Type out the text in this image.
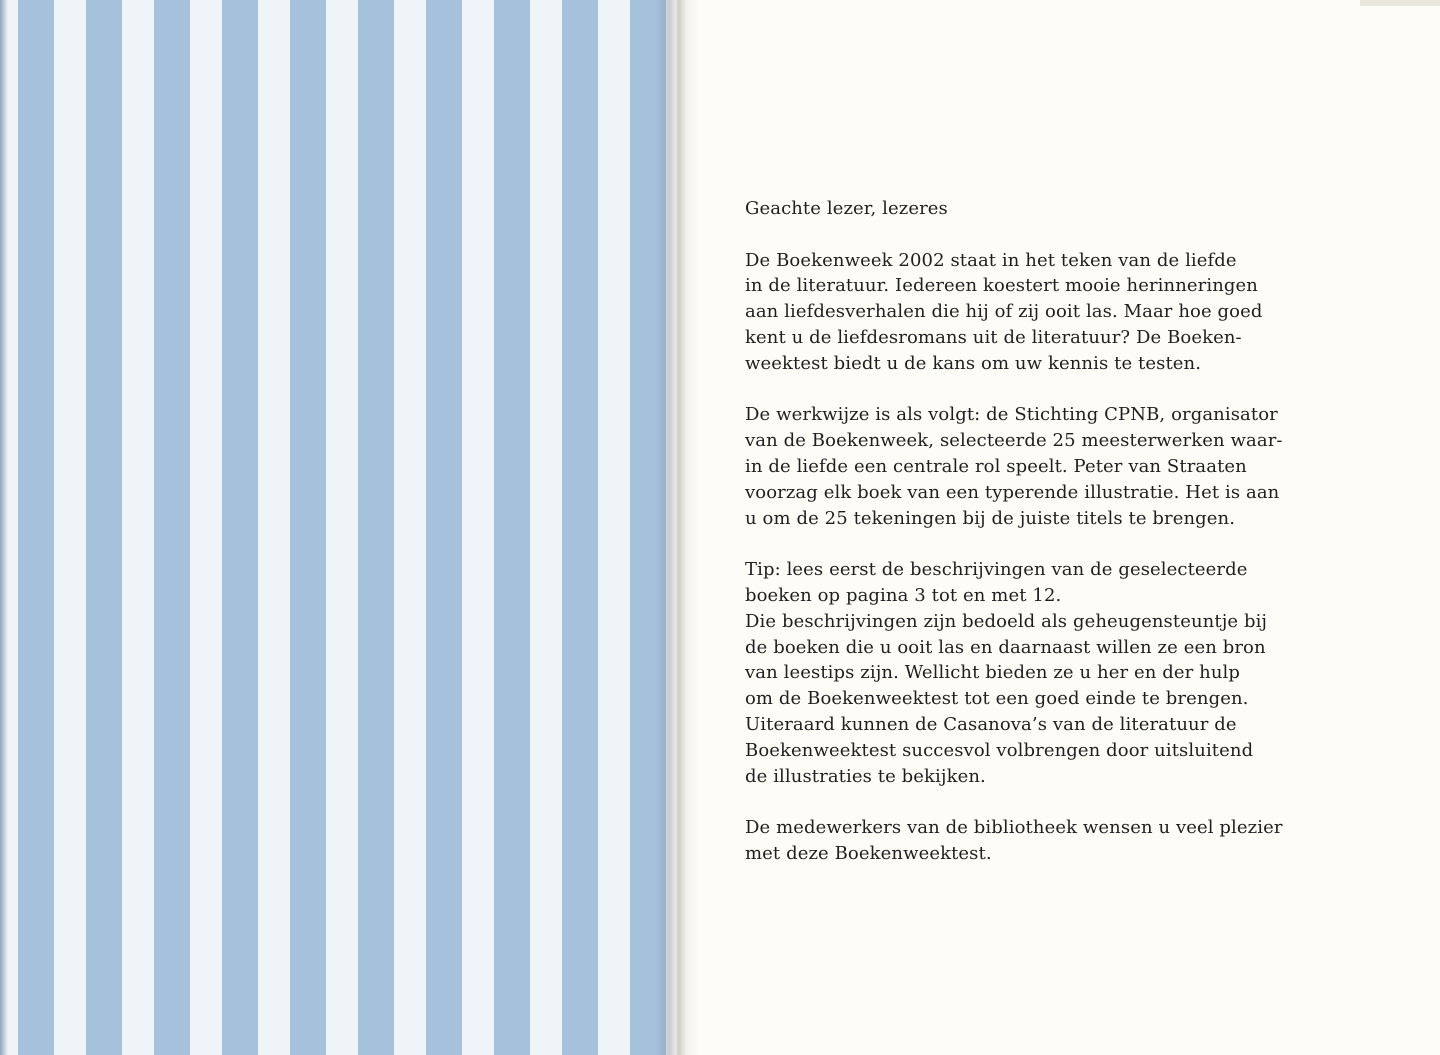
Geachte lezer, lezeres

De Boekenweek 2002 staat in het teken van de liefde
in de literatuur. Iedereen koestert mooie herinneringen
aan liefdesverhalen die hij of zij ooit las. Maar hoe goed
kent u de liefdesromans uit de literatuur? De Boeken-
weektest biedt u de kans om uw kennis te testen.

De werkwijze is als volgt: de Stichting CPNB, organisator
van de Boekenweek, selecteerde 25 meesterwerken waar-
in de liefde een centrale rol speelt. Peter van Straaten
voorzag elk boek van een typerende illustratie. Het is aan
u om de 25 tekeningen bij de juiste titels te brengen.

Tip: lees eerst de beschrijvingen van de geselecteerde
boeken op pagina 3 tot en met 12.
Die beschrijvingen zijn bedoeld als geheugensteuntje bij
de boeken die u ooit las en daarnaast willen ze een bron
van leestips zijn. Wellicht bieden ze u her en der hulp
om de Boekenweektest tot een goed einde te brengen.
Uiteraard kunnen de Casanova’s van de literatuur de
Boekenweektest succesvol volbrengen door uitsluitend
de illustraties te bekijken.

De medewerkers van de bibliotheek wensen u veel plezier
met deze Boekenweektest.
